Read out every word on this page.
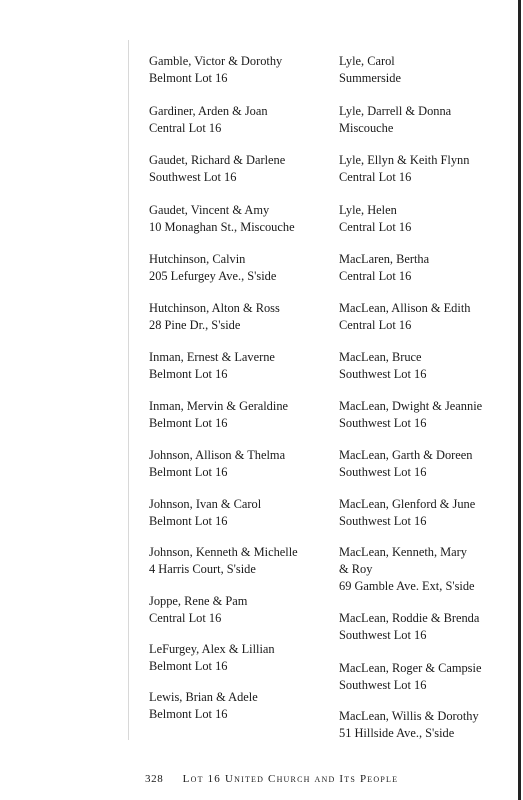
Gamble, Victor & Dorothy
Belmont Lot 16
Gardiner, Arden & Joan
Central Lot 16
Gaudet, Richard & Darlene
Southwest Lot 16
Gaudet, Vincent & Amy
10 Monaghan St., Miscouche
Hutchinson, Calvin
205 Lefurgey Ave., S'side
Hutchinson, Alton & Ross
28 Pine Dr., S'side
Inman, Ernest & Laverne
Belmont Lot 16
Inman, Mervin & Geraldine
Belmont Lot 16
Johnson, Allison & Thelma
Belmont Lot 16
Johnson, Ivan & Carol
Belmont Lot 16
Johnson, Kenneth & Michelle
4 Harris Court, S'side
Joppe, Rene & Pam
Central Lot 16
LeFurgey, Alex & Lillian
Belmont Lot 16
Lewis, Brian & Adele
Belmont Lot 16
Lyle, Carol
Summerside
Lyle, Darrell & Donna
Miscouche
Lyle, Ellyn & Keith Flynn
Central Lot 16
Lyle, Helen
Central Lot 16
MacLaren, Bertha
Central Lot 16
MacLean, Allison & Edith
Central Lot 16
MacLean, Bruce
Southwest Lot 16
MacLean, Dwight & Jeannie
Southwest Lot 16
MacLean, Garth & Doreen
Southwest Lot 16
MacLean, Glenford & June
Southwest Lot 16
MacLean, Kenneth, Mary
& Roy
69 Gamble Ave. Ext, S'side
MacLean, Roddie & Brenda
Southwest Lot 16
MacLean, Roger & Campsie
Southwest Lot 16
MacLean, Willis & Dorothy
51 Hillside Ave., S'side
328 Lot 16 United Church and Its People
